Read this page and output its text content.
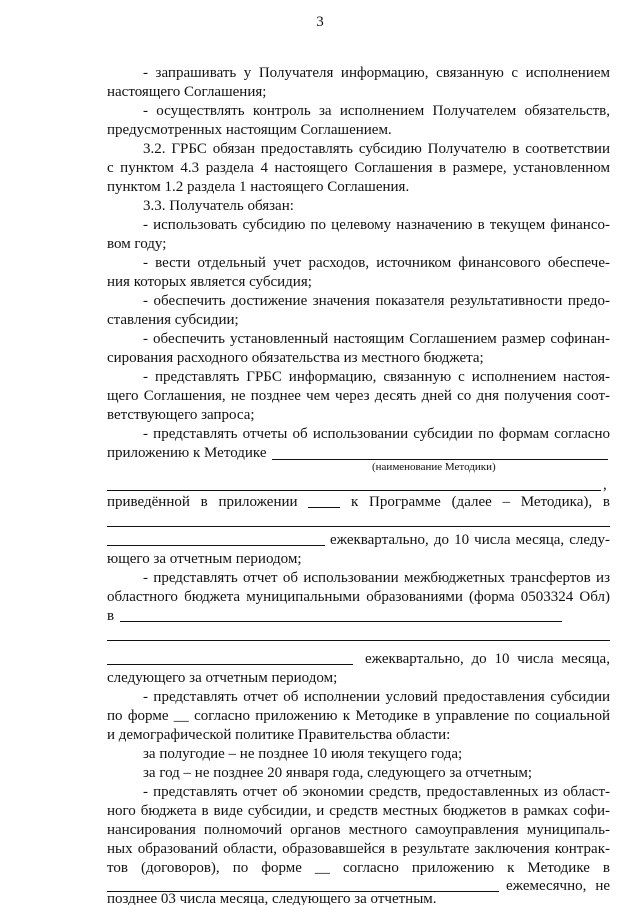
3
- запрашивать у Получателя информацию, связанную с исполнением
настоящего Соглашения;
- осуществлять контроль за исполнением Получателем обязательств,
предусмотренных настоящим Соглашением.
3.2. ГРБС обязан предоставлять субсидию Получателю в соответствии
с пунктом 4.3 раздела 4 настоящего Соглашения в размере, установленном
пунктом 1.2 раздела 1 настоящего Соглашения.
3.3. Получатель обязан:
- использовать субсидию по целевому назначению в текущем финансо-
вом году;
- вести отдельный учет расходов, источником финансового обеспече-
ния которых является субсидия;
- обеспечить достижение значения показателя результативности предо-
ставления субсидии;
- обеспечить установленный настоящим Соглашением размер софинан-
сирования расходного обязательства из местного бюджета;
- представлять ГРБС информацию, связанную с исполнением настоя-
щего Соглашения, не позднее чем через десять дней со дня получения соот-
ветствующего запроса;
- представлять отчеты об использовании субсидии по формам согласно
приложению к Методике
(наименование Методики)
,
приведённой в приложении	к Программе (далее – Методика), в
ежеквартально, до 10 числа месяца, следу-
ющего за отчетным периодом;
- представлять отчет об использовании межбюджетных трансфертов из
областного бюджета муниципальными образованиями (форма 0503324 Обл)
в
ежеквартально, до 10 числа месяца,
следующего за отчетным периодом;
- представлять отчет об исполнении условий предоставления субсидии
по форме __ согласно приложению к Методике в управление по социальной
и демографической политике Правительства области:
за полугодие – не позднее 10 июля текущего года;
за год – не позднее 20 января года, следующего за отчетным;
- представлять отчет об экономии средств, предоставленных из област-
ного бюджета в виде субсидии, и средств местных бюджетов в рамках софи-
нансирования полномочий органов местного самоуправления муниципаль-
ных образований области, образовавшейся в результате заключения контрак-
тов (договоров), по форме __ согласно приложению к Методике в
ежемесячно, не
позднее 03 числа месяца, следующего за отчетным.
